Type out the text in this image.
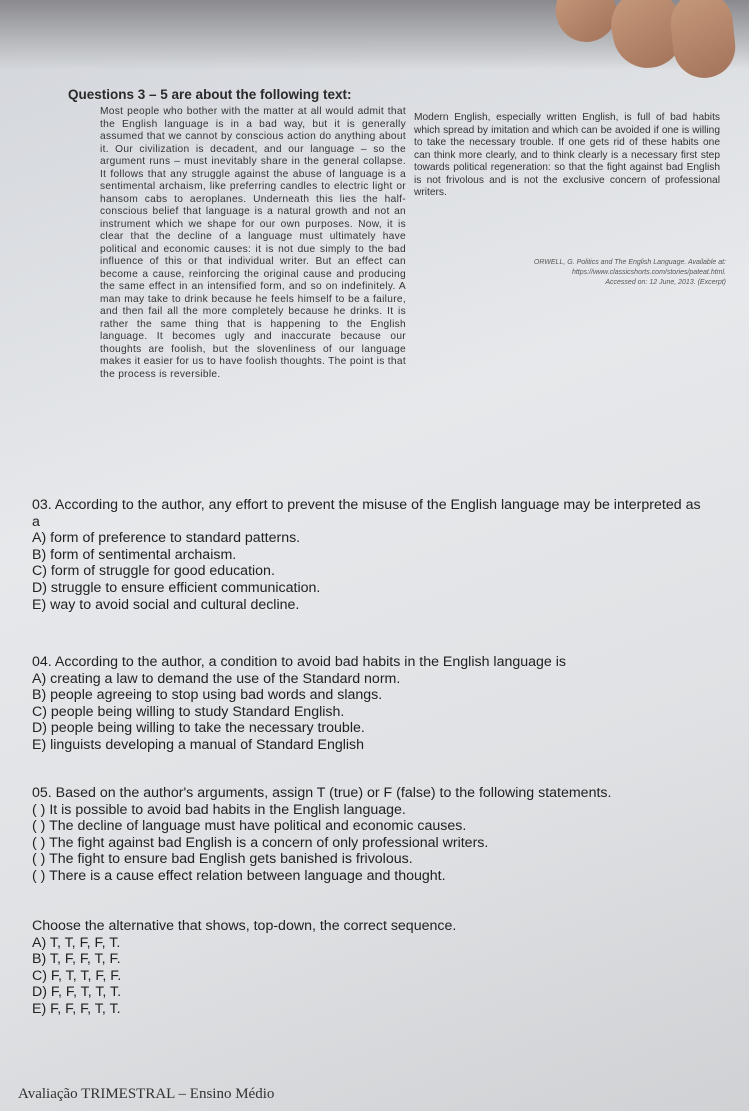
Questions 3 – 5 are about the following text:
Most people who bother with the matter at all would admit that the English language is in a bad way, but it is generally assumed that we cannot by conscious action do anything about it. Our civilization is decadent, and our language – so the argument runs – must inevitably share in the general collapse. It follows that any struggle against the abuse of language is a sentimental archaism, like preferring candles to electric light or hansom cabs to aeroplanes. Underneath this lies the half-conscious belief that language is a natural growth and not an instrument which we shape for our own purposes. Now, it is clear that the decline of a language must ultimately have political and economic causes: it is not due simply to the bad influence of this or that individual writer. But an effect can become a cause, reinforcing the original cause and producing the same effect in an intensified form, and so on indefinitely. A man may take to drink because he feels himself to be a failure, and then fail all the more completely because he drinks. It is rather the same thing that is happening to the English language. It becomes ugly and inaccurate because our thoughts are foolish, but the slovenliness of our language makes it easier for us to have foolish thoughts. The point is that the process is reversible.
Modern English, especially written English, is full of bad habits which spread by imitation and which can be avoided if one is willing to take the necessary trouble. If one gets rid of these habits one can think more clearly, and to think clearly is a necessary first step towards political regeneration: so that the fight against bad English is not frivolous and is not the exclusive concern of professional writers.
ORWELL, G. Politics and The English Language. Available at:
https://www.classicshorts.com/stories/pateat.html.
Accessed on: 12 June, 2013. (Excerpt)
03. According to the author, any effort to prevent the misuse of the English language may be interpreted as a
A) form of preference to standard patterns.
B) form of sentimental archaism.
C) form of struggle for good education.
D) struggle to ensure efficient communication.
E) way to avoid social and cultural decline.
04. According to the author, a condition to avoid bad habits in the English language is
A) creating a law to demand the use of the Standard norm.
B) people agreeing to stop using bad words and slangs.
C) people being willing to study Standard English.
D) people being willing to take the necessary trouble.
E) linguists developing a manual of Standard English
05. Based on the author's arguments, assign T (true) or F (false) to the following statements.
( ) It is possible to avoid bad habits in the English language.
( ) The decline of language must have political and economic causes.
( ) The fight against bad English is a concern of only professional writers.
( ) The fight to ensure bad English gets banished is frivolous.
( ) There is a cause effect relation between language and thought.
Choose the alternative that shows, top-down, the correct sequence.
A) T, T, F, F, T.
B) T, F, F, T, F.
C) F, T, T, F, F.
D) F, F, T, T, T.
E) F, F, F, T, T.
Avaliação TRIMESTRAL – Ensino Médio
